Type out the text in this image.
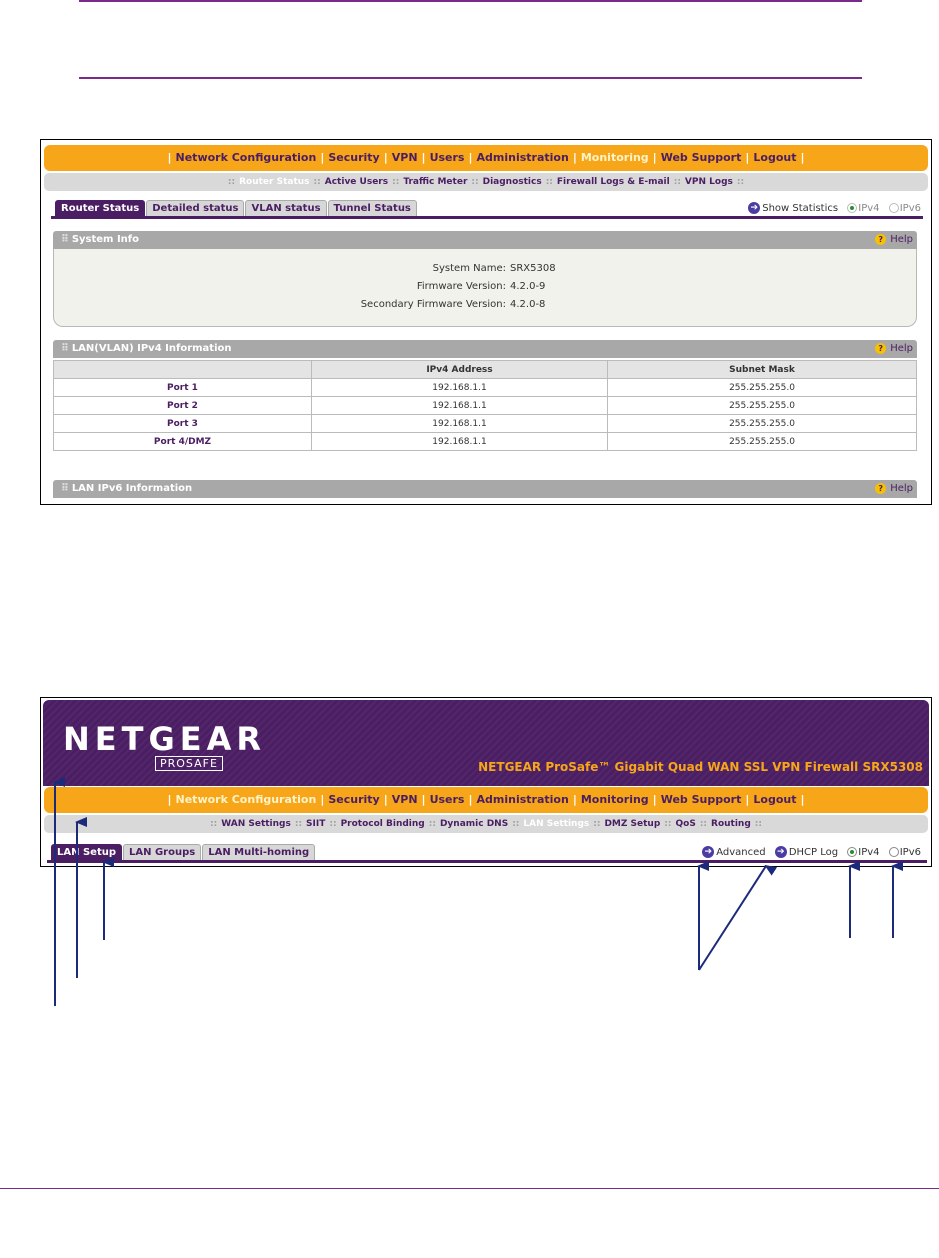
| Network Configuration | Security | VPN | Users | Administration | Monitoring | Web Support | Logout |
:: Router Status :: Active Users :: Traffic Meter :: Diagnostics :: Firewall Logs & E-mail :: VPN Logs ::
Router Status Detailed status VLAN status Tunnel Status	➔ Show Statistics IPv4 IPv6
⠿ System Info	? Help
System Name: SRX5308
Firmware Version: 4.2.0-9
Secondary Firmware Version: 4.2.0-8
⠿ LAN(VLAN) IPv4 Information	? Help
	IPv4 Address	Subnet Mask
Port 1	192.168.1.1	255.255.255.0
Port 2	192.168.1.1	255.255.255.0
Port 3	192.168.1.1	255.255.255.0
Port 4/DMZ	192.168.1.1	255.255.255.0
⠿ LAN IPv6 Information	? Help
NETGEAR
PROSAFE	NETGEAR ProSafe™ Gigabit Quad WAN SSL VPN Firewall SRX5308
| Network Configuration | Security | VPN | Users | Administration | Monitoring | Web Support | Logout |
:: WAN Settings :: SIIT :: Protocol Binding :: Dynamic DNS :: LAN Settings :: DMZ Setup :: QoS :: Routing ::
LAN Setup LAN Groups LAN Multi-homing	➔ Advanced ➔ DHCP Log IPv4 IPv6
